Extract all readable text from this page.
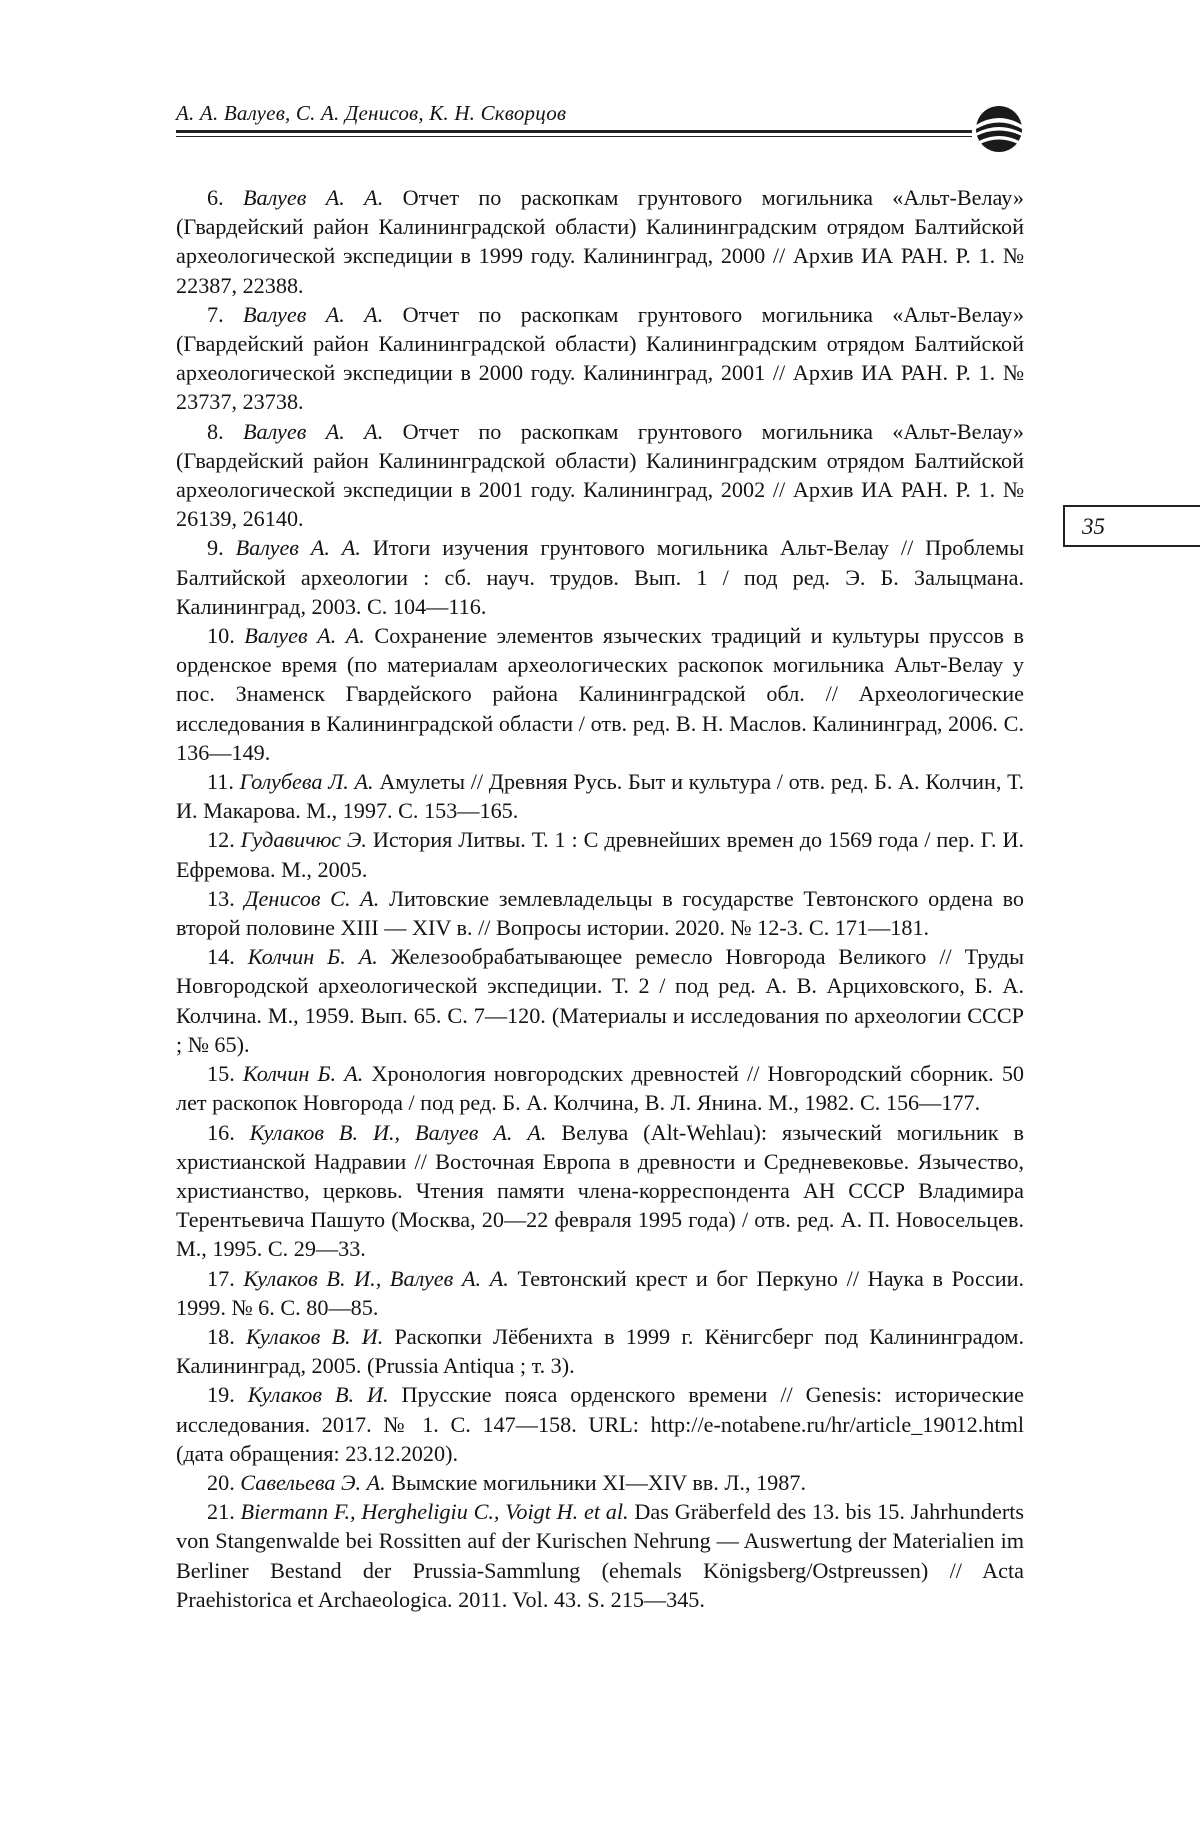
А. А. Валуев, С. А. Денисов, К. Н. Скворцов
35

6. Валуев А. А. Отчет по раскопкам грунтового могильника «Альт-Велау» (Гвардейский район Калининградской области) Калининградским отрядом Балтийской археологической экспедиции в 1999 году. Калининград, 2000 // Архив ИА РАН. Р. 1. № 22387, 22388.

7. Валуев А. А. Отчет по раскопкам грунтового могильника «Альт-Велау» (Гвардейский район Калининградской области) Калининградским отрядом Балтийской археологической экспедиции в 2000 году. Калининград, 2001 // Архив ИА РАН. Р. 1. № 23737, 23738.

8. Валуев А. А. Отчет по раскопкам грунтового могильника «Альт-Велау» (Гвардейский район Калининградской области) Калининградским отрядом Балтийской археологической экспедиции в 2001 году. Калининград, 2002 // Архив ИА РАН. Р. 1. № 26139, 26140.

9. Валуев А. А. Итоги изучения грунтового могильника Альт-Велау // Проблемы Балтийской археологии : сб. науч. трудов. Вып. 1 / под ред. Э. Б. Залыцмана. Калининград, 2003. С. 104—116.

10. Валуев А. А. Сохранение элементов языческих традиций и культуры пруссов в орденское время (по материалам археологических раскопок могильника Альт-Велау у пос. Знаменск Гвардейского района Калининградской обл. // Археологические исследования в Калининградской области / отв. ред. В. Н. Маслов. Калининград, 2006. С. 136—149.

11. Голубева Л. А. Амулеты // Древняя Русь. Быт и культура / отв. ред. Б. А. Колчин, Т. И. Макарова. М., 1997. С. 153—165.

12. Гудавичюс Э. История Литвы. Т. 1 : С древнейших времен до 1569 года / пер. Г. И. Ефремова. М., 2005.

13. Денисов С. А. Литовские землевладельцы в государстве Тевтонского ордена во второй половине XIII — XIV в. // Вопросы истории. 2020. № 12-3. С. 171—181.

14. Колчин Б. А. Железообрабатывающее ремесло Новгорода Великого // Труды Новгородской археологической экспедиции. Т. 2 / под ред. А. В. Арциховского, Б. А. Колчина. М., 1959. Вып. 65. С. 7—120. (Материалы и исследования по археологии СССР ; № 65).

15. Колчин Б. А. Хронология новгородских древностей // Новгородский сборник. 50 лет раскопок Новгорода / под ред. Б. А. Колчина, В. Л. Янина. М., 1982. С. 156—177.

16. Кулаков В. И., Валуев А. А. Велува (Alt-Wehlau): языческий могильник в христианской Надравии // Восточная Европа в древности и Средневековье. Язычество, христианство, церковь. Чтения памяти члена-корреспондента АН СССР Владимира Терентьевича Пашуто (Москва, 20—22 февраля 1995 года) / отв. ред. А. П. Новосельцев. М., 1995. С. 29—33.

17. Кулаков В. И., Валуев А. А. Тевтонский крест и бог Перкуно // Наука в России. 1999. № 6. С. 80—85.

18. Кулаков В. И. Раскопки Лёбенихта в 1999 г. Кёнигсберг под Калининградом. Калининград, 2005. (Prussia Antiqua ; т. 3).

19. Кулаков В. И. Прусские пояса орденского времени // Genesis: исторические исследования. 2017. № 1. С. 147—158. URL: http://e-notabene.ru/hr/article_19012.html (дата обращения: 23.12.2020).

20. Савельева Э. А. Вымские могильники XI—XIV вв. Л., 1987.

21. Biermann F., Hergheligiu C., Voigt H. et al. Das Gräberfeld des 13. bis 15. Jahrhunderts von Stangenwalde bei Rossitten auf der Kurischen Nehrung — Auswertung der Materialien im Berliner Bestand der Prussia-Sammlung (ehemals Königsberg/Ostpreussen) // Acta Praehistorica et Archaeologica. 2011. Vol. 43. S. 215—345.
